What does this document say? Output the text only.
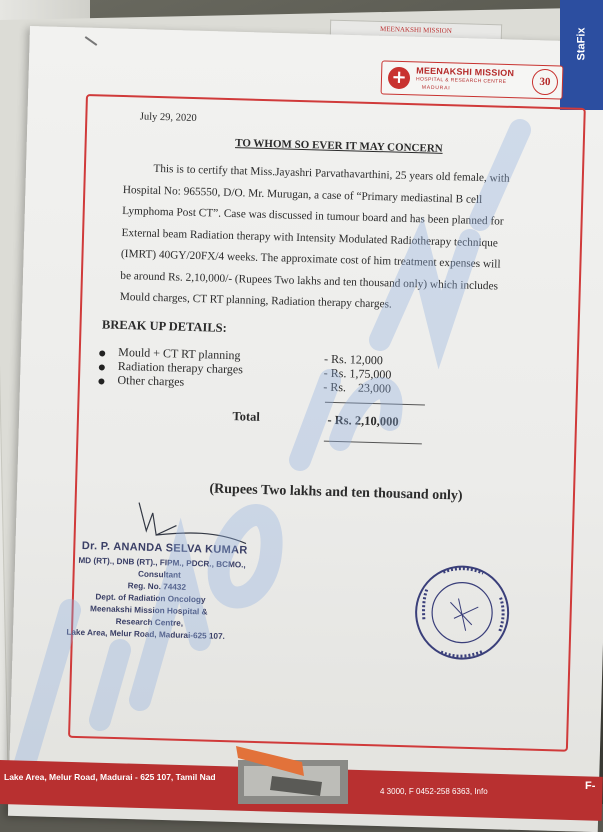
MEENAKSHI MISSION	StaFix
+	MEENAKSHI MISSION
HOSPITAL & RESEARCH CENTRE
MADURAI	30
July 29, 2020
TO WHOM SO EVER IT MAY CONCERN

This is to certify that Miss.Jayashri Parvathavarthini, 25 years old female, with

Hospital No: 965550, D/O. Mr. Murugan, a case of “Primary mediastinal B cell

Lymphoma Post CT”. Case was discussed in tumour board and has been planned for

External beam Radiation therapy with Intensity Modulated Radiotherapy technique

(IMRT) 40GY/20FX/4 weeks. The approximate cost of him treatment expenses will

be around Rs. 2,10,000/- (Rupees Two lakhs and ten thousand only) which includes

Mould charges, CT RT planning, Radiation therapy charges.

BREAK UP DETAILS:
Mould + CT RT planning	- Rs. 12,000
Radiation therapy charges	- Rs. 1,75,000
Other charges	- Rs.    23,000
Total	- Rs. 2,10,000
(Rupees Two lakhs and ten thousand only)
Dr. P. ANANDA SELVA KUMAR
MD (RT)., DNB (RT)., FIPM., PDCR., BCMO.,
Consultant
Reg. No. 74432
Dept. of Radiation Oncology
Meenakshi Mission Hospital &
Research Centre,
Lake Area, Melur Road, Madurai-625 107.
Lake Area, Melur Road, Madurai - 625 107, Tamil Nad
4 3000, F 0452-258 6363, Info	F-
